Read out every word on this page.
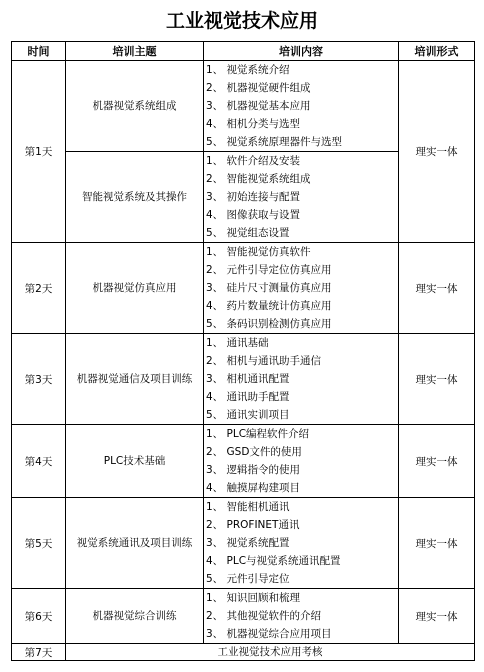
工业视觉技术应用
时间	培训主题	培训内容	培训形式
第1天	机器视觉系统组成	1、 视觉系统介绍
2、 机器视觉硬件组成
3、 机器视觉基本应用
4、 相机分类与选型
5、 视觉系统原理器件与选型	理实一体
	智能视觉系统及其操作	1、 软件介绍及安装
2、 智能视觉系统组成
3、 初始连接与配置
4、 图像获取与设置
5、 视觉组态设置	

第2天	机器视觉仿真应用	1、 智能视觉仿真软件
2、 元件引导定位仿真应用
3、 硅片尺寸测量仿真应用
4、 药片数量统计仿真应用
5、 条码识别检测仿真应用	理实一体
第3天	机器视觉通信及项目训练	1、 通讯基础
2、 相机与通讯助手通信
3、 相机通讯配置
4、 通讯助手配置
5、 通讯实训项目	理实一体
第4天	PLC技术基础	1、 PLC编程软件介绍
2、 GSD文件的使用
3、 逻辑指令的使用
4、 触摸屏构建项目	理实一体
第5天	视觉系统通讯及项目训练	1、 智能相机通讯
2、 PROFINET通讯
3、 视觉系统配置
4、 PLC与视觉系统通讯配置
5、 元件引导定位	理实一体
第6天	机器视觉综合训练	1、 知识回顾和梳理
2、 其他视觉软件的介绍
3、 机器视觉综合应用项目	理实一体
第7天	工业视觉技术应用考核		
